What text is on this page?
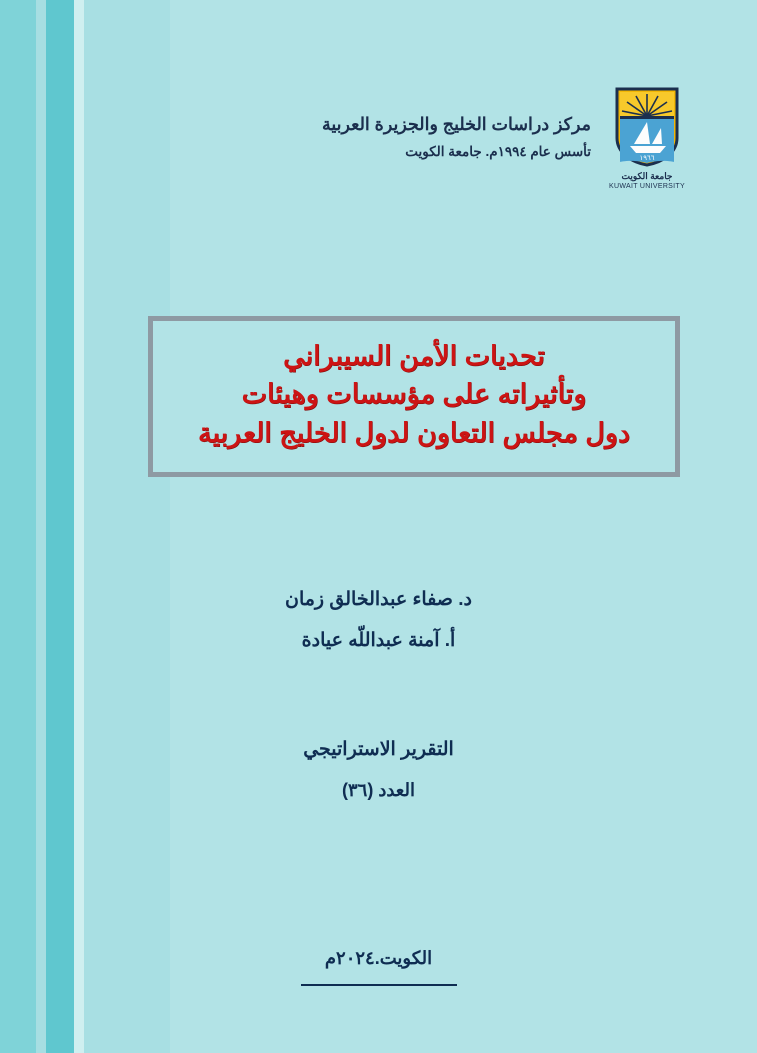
١٩٦٦
جامعة الكويت
KUWAIT UNIVERSITY
مركز دراسات الخليج والجزيرة العربية
تأسس عام ١٩٩٤م. جامعة الكويت
تحديات الأمن السيبراني
وتأثيراته على مؤسسات وهيئات
دول مجلس التعاون لدول الخليج العربية
د. صفاء عبدالخالق زمان
أ. آمنة عبداللّه عيادة
التقرير الاستراتيجي
العدد (٣٦)
الكويت.٢٠٢٤م
